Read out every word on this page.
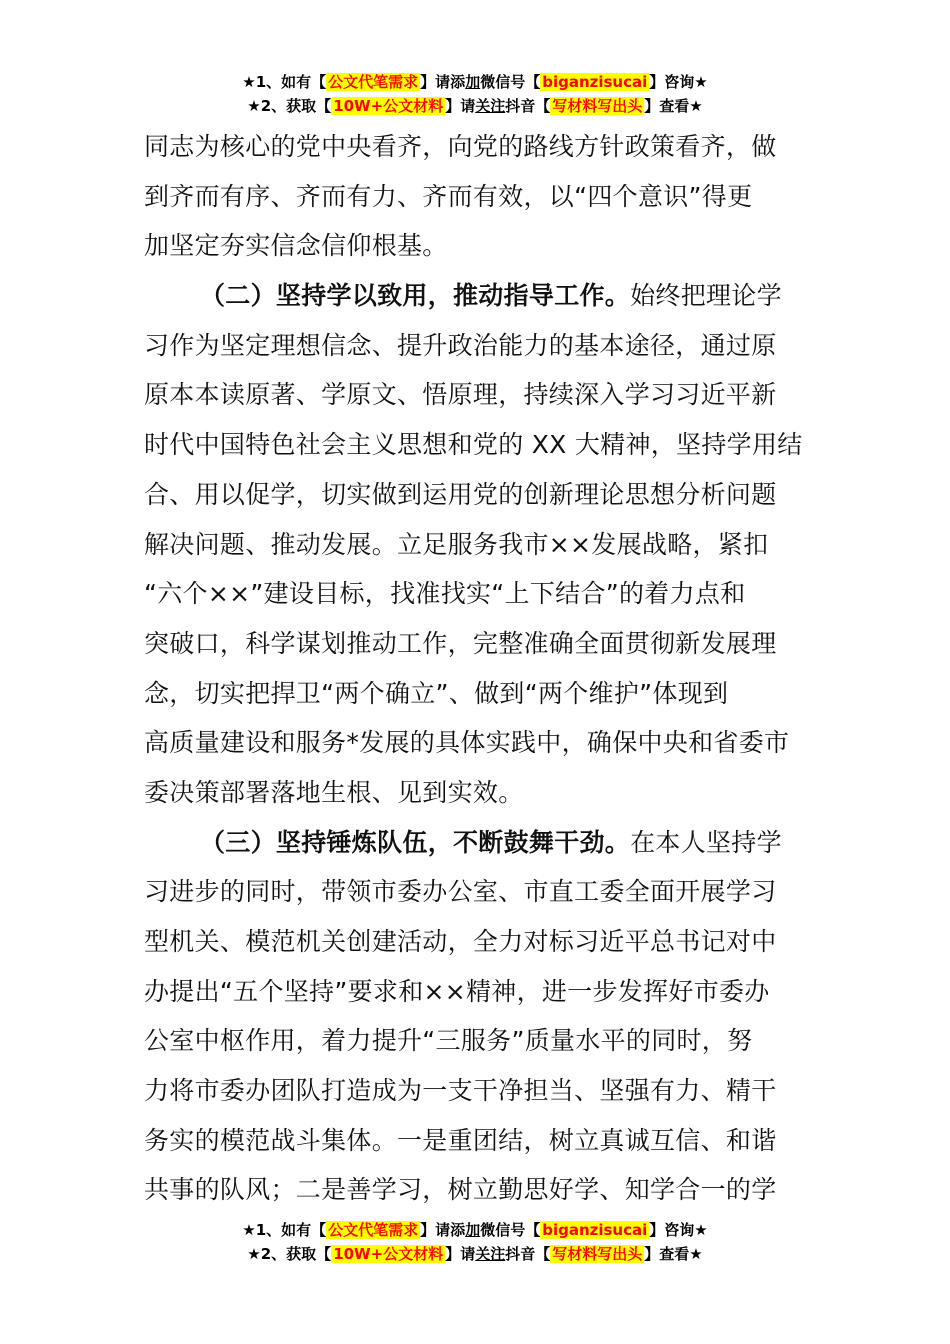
★1、如有【 公文代笔需求 】请添加微信号【 biganzisucai 】咨询★
★2、获取【 10W+公文材料 】请关注抖音【 写材料写出头 】查看★

同志为核心的党中央看齐，向党的路线方针政策看齐，做
到齐而有序、齐而有力、齐而有效，以“四个意识”得更
加坚定夯实信念信仰根基。

（二）坚持学以致用，推动指导工作。始终把理论学
习作为坚定理想信念、提升政治能力的基本途径，通过原
原本本读原著、学原文、悟原理，持续深入学习习近平新
时代中国特色社会主义思想和党的 XX 大精神，坚持学用结
合、用以促学，切实做到运用党的创新理论思想分析问题
解决问题、推动发展。立足服务我市××发展战略，紧扣
“六个××”建设目标，找准找实“上下结合”的着力点和
突破口，科学谋划推动工作，完整准确全面贯彻新发展理
念，切实把捍卫“两个确立”、做到“两个维护”体现到
高质量建设和服务*发展的具体实践中，确保中央和省委市
委决策部署落地生根、见到实效。

（三）坚持锤炼队伍，不断鼓舞干劲。在本人坚持学
习进步的同时，带领市委办公室、市直工委全面开展学习
型机关、模范机关创建活动，全力对标习近平总书记对中
办提出“五个坚持”要求和××精神，进一步发挥好市委办
公室中枢作用，着力提升“三服务”质量水平的同时，努
力将市委办团队打造成为一支干净担当、坚强有力、精干
务实的模范战斗集体。一是重团结，树立真诚互信、和谐
共事的队风；二是善学习，树立勤思好学、知学合一的学

★1、如有【 公文代笔需求 】请添加微信号【 biganzisucai 】咨询★
★2、获取【 10W+公文材料 】请关注抖音【 写材料写出头 】查看★
